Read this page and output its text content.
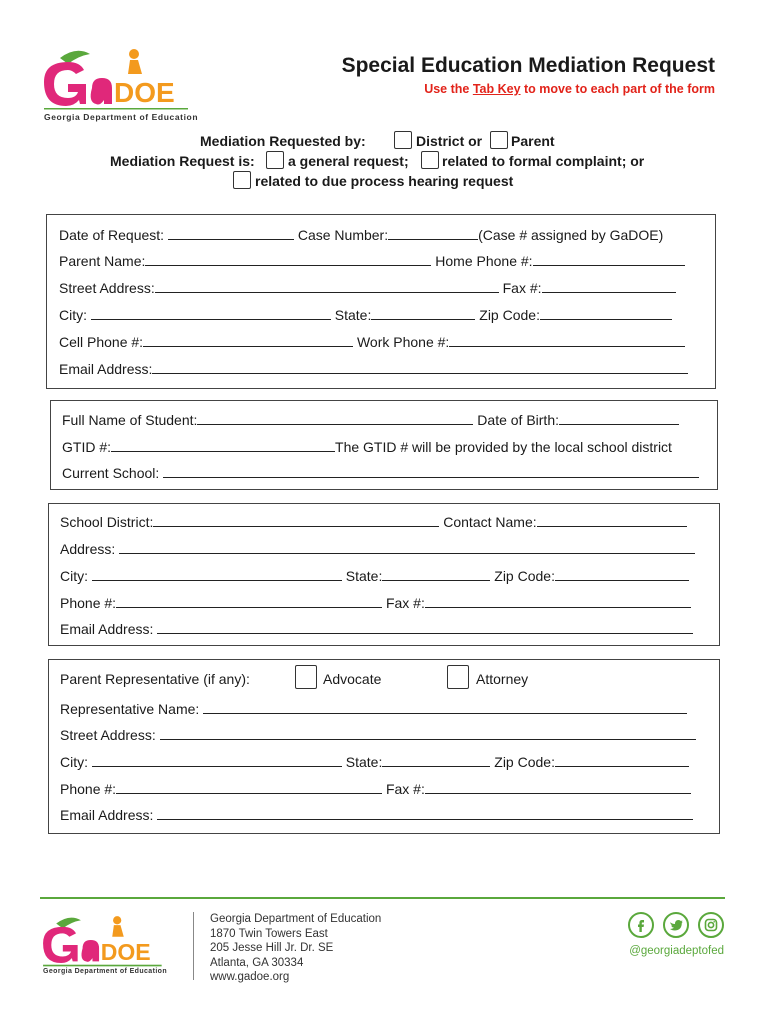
DOE
Georgia Department of Education
Special Education Mediation Request
Use the Tab Key to move to each part of the form
Mediation Requested by:	District or Parent
Mediation Request is: a general request; related to formal complaint; or
related to due process hearing request
Date of Request:	Case Number:	(Case # assigned by GaDOE)
Parent Name:	Home Phone #:
Street Address:	Fax #:
City:	State:	Zip Code:
Cell Phone #:	Work Phone #:
Email Address:
Full Name of Student:	Date of Birth:
GTID #:	The GTID # will be provided by the local school district
Current School:
School District:	Contact Name:
Address:
City:	State:	Zip Code:
Phone #:	Fax #:
Email Address:
Parent Representative (if any):	Advocate	Attorney
Representative Name:
Street Address:
City:	State:	Zip Code:
Phone #:	Fax #:
Email Address:
DOE
Georgia Department of Education
Georgia Department of Education
1870 Twin Towers East
205 Jesse Hill Jr. Dr. SE
Atlanta, GA 30334
www.gadoe.org
@georgiadeptofed
